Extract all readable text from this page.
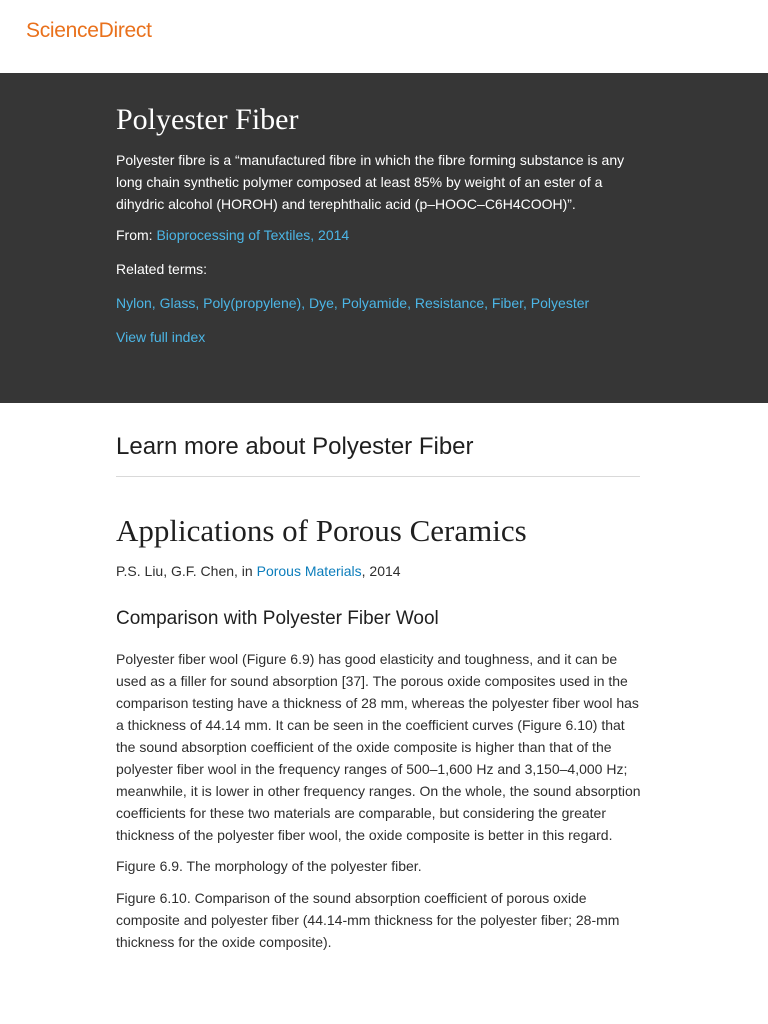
ScienceDirect
Polyester Fiber

Polyester fibre is a “manufactured fibre in which the fibre forming substance is any long chain synthetic polymer composed at least 85% by weight of an ester of a dihydric alcohol (HOROH) and terephthalic acid (p–HOOC–C6H4COOH)”.

From: Bioprocessing of Textiles, 2014

Related terms:

Nylon, Glass, Poly(propylene), Dye, Polyamide, Resistance, Fiber, Polyester

View full index

Learn more about Polyester Fiber
Applications of Porous Ceramics

P.S. Liu, G.F. Chen, in Porous Materials, 2014

Comparison with Polyester Fiber Wool

Polyester fiber wool (Figure 6.9) has good elasticity and toughness, and it can be used as a filler for sound absorption [37]. The porous oxide composites used in the comparison testing have a thickness of 28 mm, whereas the polyester fiber wool has a thickness of 44.14 mm. It can be seen in the coefficient curves (Figure 6.10) that the sound absorption coefficient of the oxide composite is higher than that of the polyester fiber wool in the frequency ranges of 500–1,600 Hz and 3,150–4,000 Hz; meanwhile, it is lower in other frequency ranges. On the whole, the sound absorption coefficients for these two materials are comparable, but considering the greater thickness of the polyester fiber wool, the oxide composite is better in this regard.

Figure 6.9. The morphology of the polyester fiber.

Figure 6.10. Comparison of the sound absorption coefficient of porous oxide composite and polyester fiber (44.14-mm thickness for the polyester fiber; 28-mm thickness for the oxide composite).
